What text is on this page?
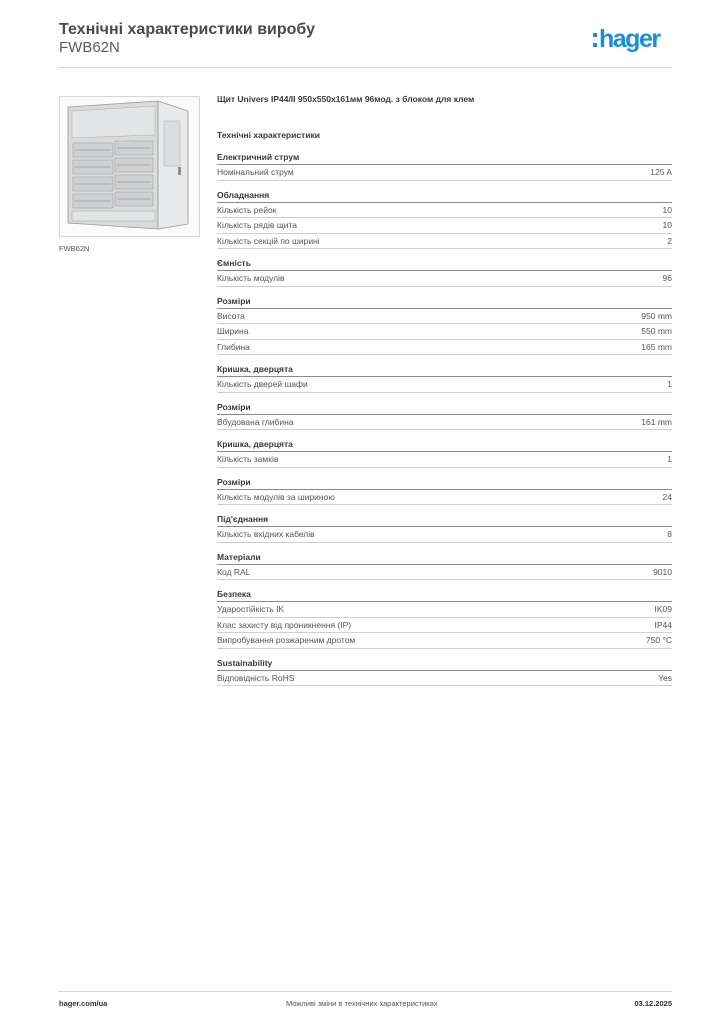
Технічні характеристики виробу
FWB62N	hager
FWB62N
Щит Univers IP44/II 950x550x161мм 96мод. з блоком для клем
Технічні характеристики
Електричний струм
Номінальний струм	125 A
Обладнання
Кількість рейок	10
Кількість рядів щита	10
Кількість секцій по ширині	2
Ємність
Кількість модулів	96
Розміри
Висота	950 mm
Ширина	550 mm
Глибина	165 mm
Кришка, дверцята
Кількість дверей шафи	1
Розміри
Вбудована глибина	161 mm
Кришка, дверцята
Кількість замків	1
Розміри
Кількість модулів за шириною	24
Під'єднання
Кількість вхідних кабелів	8
Матеріали
Код RAL	9010
Безпека
Ударостійкість IK	IK09
Клас захисту від проникнення (IP)	IP44
Випробування розжареним дротом	750 °C
Sustainability
Відповідність RoHS	Yes
hager.com/ua	Можливі зміни в технічних характеристиках	03.12.2025
